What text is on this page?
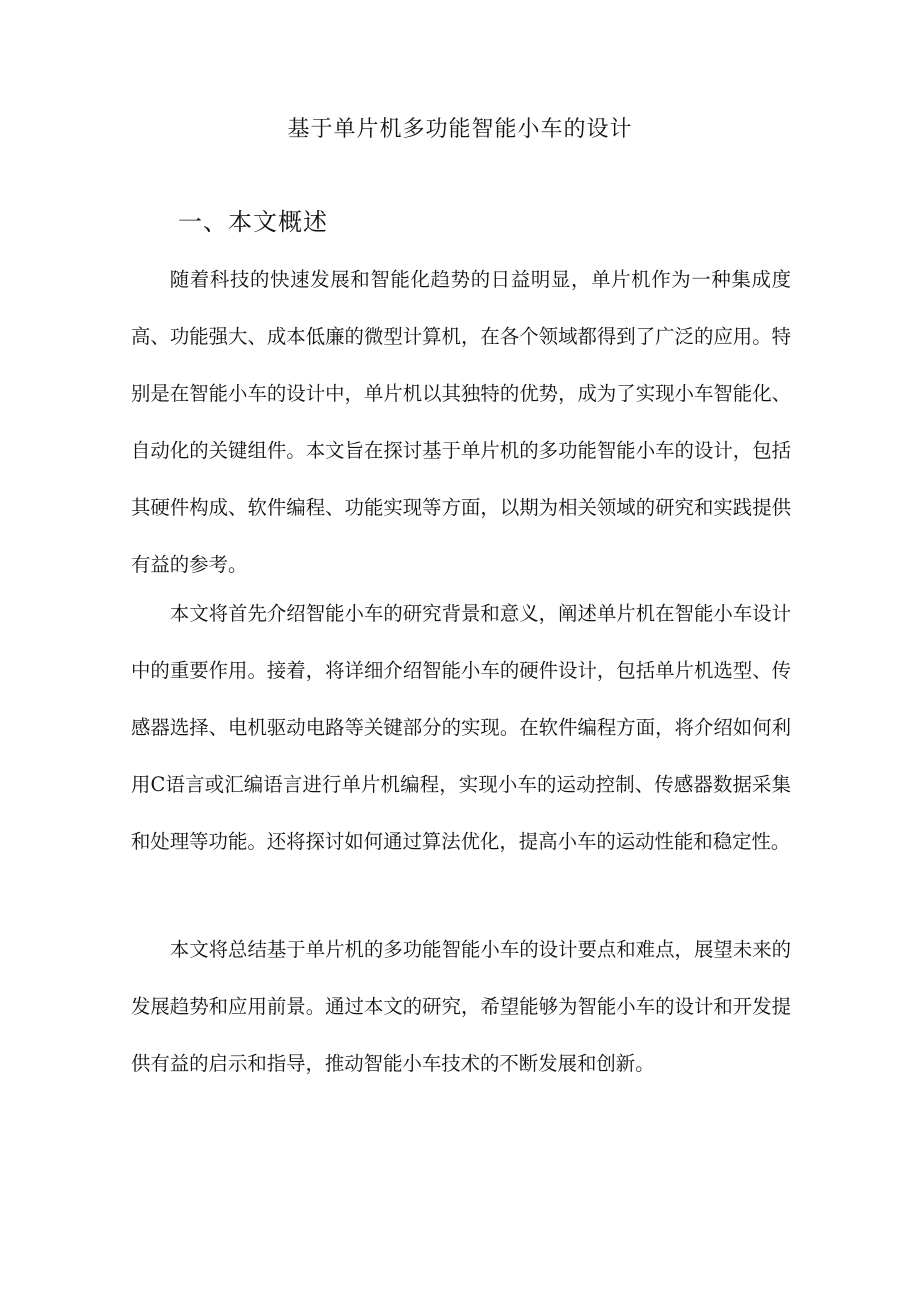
基于单片机多功能智能小车的设计
一、本文概述

随着科技的快速发展和智能化趋势的日益明显，单片机作为一种集成度高、功能强大、成本低廉的微型计算机，在各个领域都得到了广泛的应用。特别是在智能小车的设计中，单片机以其独特的优势，成为了实现小车智能化、自动化的关键组件。本文旨在探讨基于单片机的多功能智能小车的设计，包括其硬件构成、软件编程、功能实现等方面，以期为相关领域的研究和实践提供有益的参考。

本文将首先介绍智能小车的研究背景和意义，阐述单片机在智能小车设计中的重要作用。接着，将详细介绍智能小车的硬件设计，包括单片机选型、传感器选择、电机驱动电路等关键部分的实现。在软件编程方面，将介绍如何利用C语言或汇编语言进行单片机编程，实现小车的运动控制、传感器数据采集和处理等功能。还将探讨如何通过算法优化，提高小车的运动性能和稳定性。

本文将总结基于单片机的多功能智能小车的设计要点和难点，展望未来的发展趋势和应用前景。通过本文的研究，希望能够为智能小车的设计和开发提供有益的启示和指导，推动智能小车技术的不断发展和创新。
